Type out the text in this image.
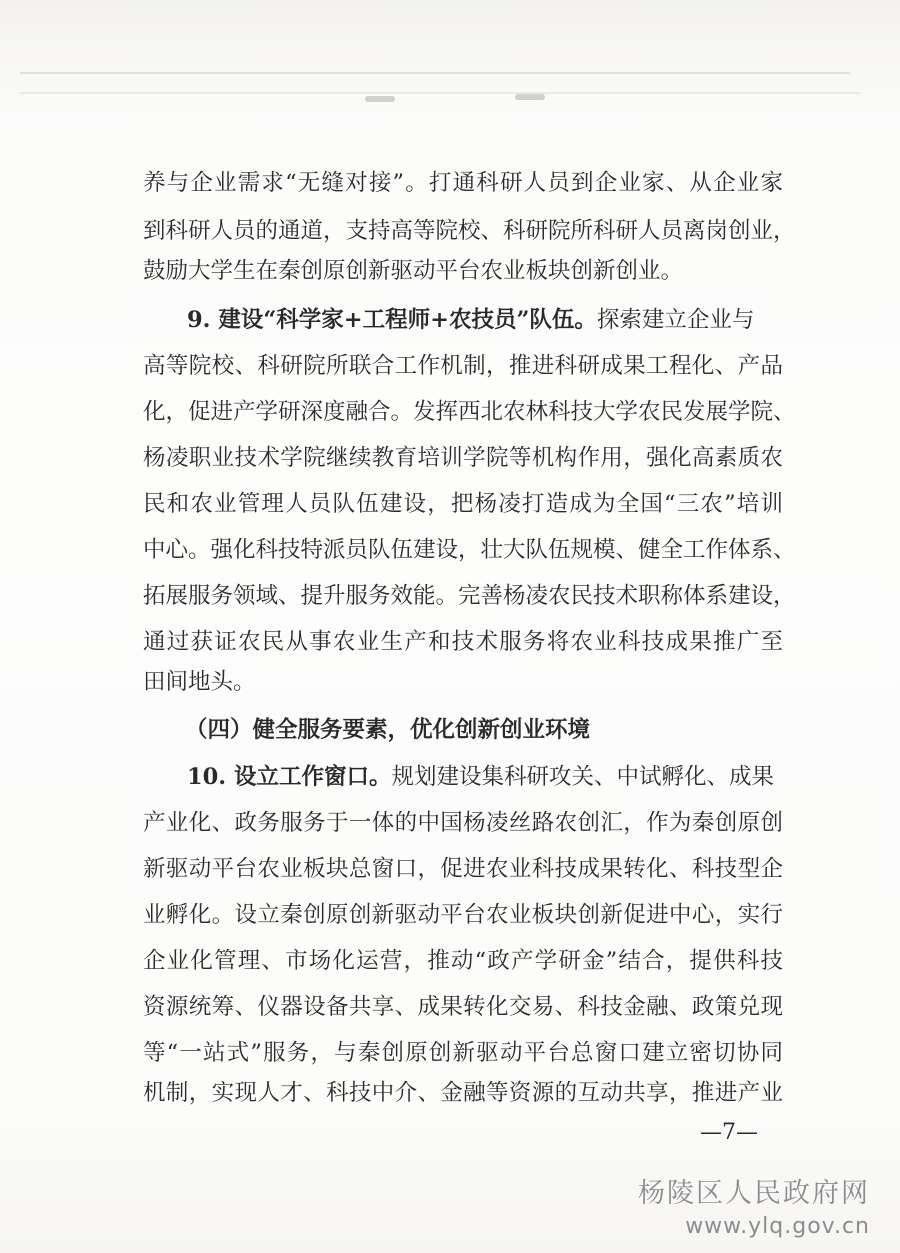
养与企业需求“无缝对接”。打通科研人员到企业家、从企业家
到科研人员的通道，支持高等院校、科研院所科研人员离岗创业，
鼓励大学生在秦创原创新驱动平台农业板块创新创业。
9. 建设“科学家+工程师+农技员”队伍。探索建立企业与
高等院校、科研院所联合工作机制，推进科研成果工程化、产品
化，促进产学研深度融合。发挥西北农林科技大学农民发展学院、
杨凌职业技术学院继续教育培训学院等机构作用，强化高素质农
民和农业管理人员队伍建设，把杨凌打造成为全国“三农”培训
中心。强化科技特派员队伍建设，壮大队伍规模、健全工作体系、
拓展服务领域、提升服务效能。完善杨凌农民技术职称体系建设，
通过获证农民从事农业生产和技术服务将农业科技成果推广至
田间地头。
（四）健全服务要素，优化创新创业环境
10. 设立工作窗口。规划建设集科研攻关、中试孵化、成果
产业化、政务服务于一体的中国杨凌丝路农创汇，作为秦创原创
新驱动平台农业板块总窗口，促进农业科技成果转化、科技型企
业孵化。设立秦创原创新驱动平台农业板块创新促进中心，实行
企业化管理、市场化运营，推动“政产学研金”结合，提供科技
资源统筹、仪器设备共享、成果转化交易、科技金融、政策兑现
等“一站式”服务，与秦创原创新驱动平台总窗口建立密切协同
机制，实现人才、科技中介、金融等资源的互动共享，推进产业
—7—
杨陵区人民政府网
www.ylq.gov.cn
